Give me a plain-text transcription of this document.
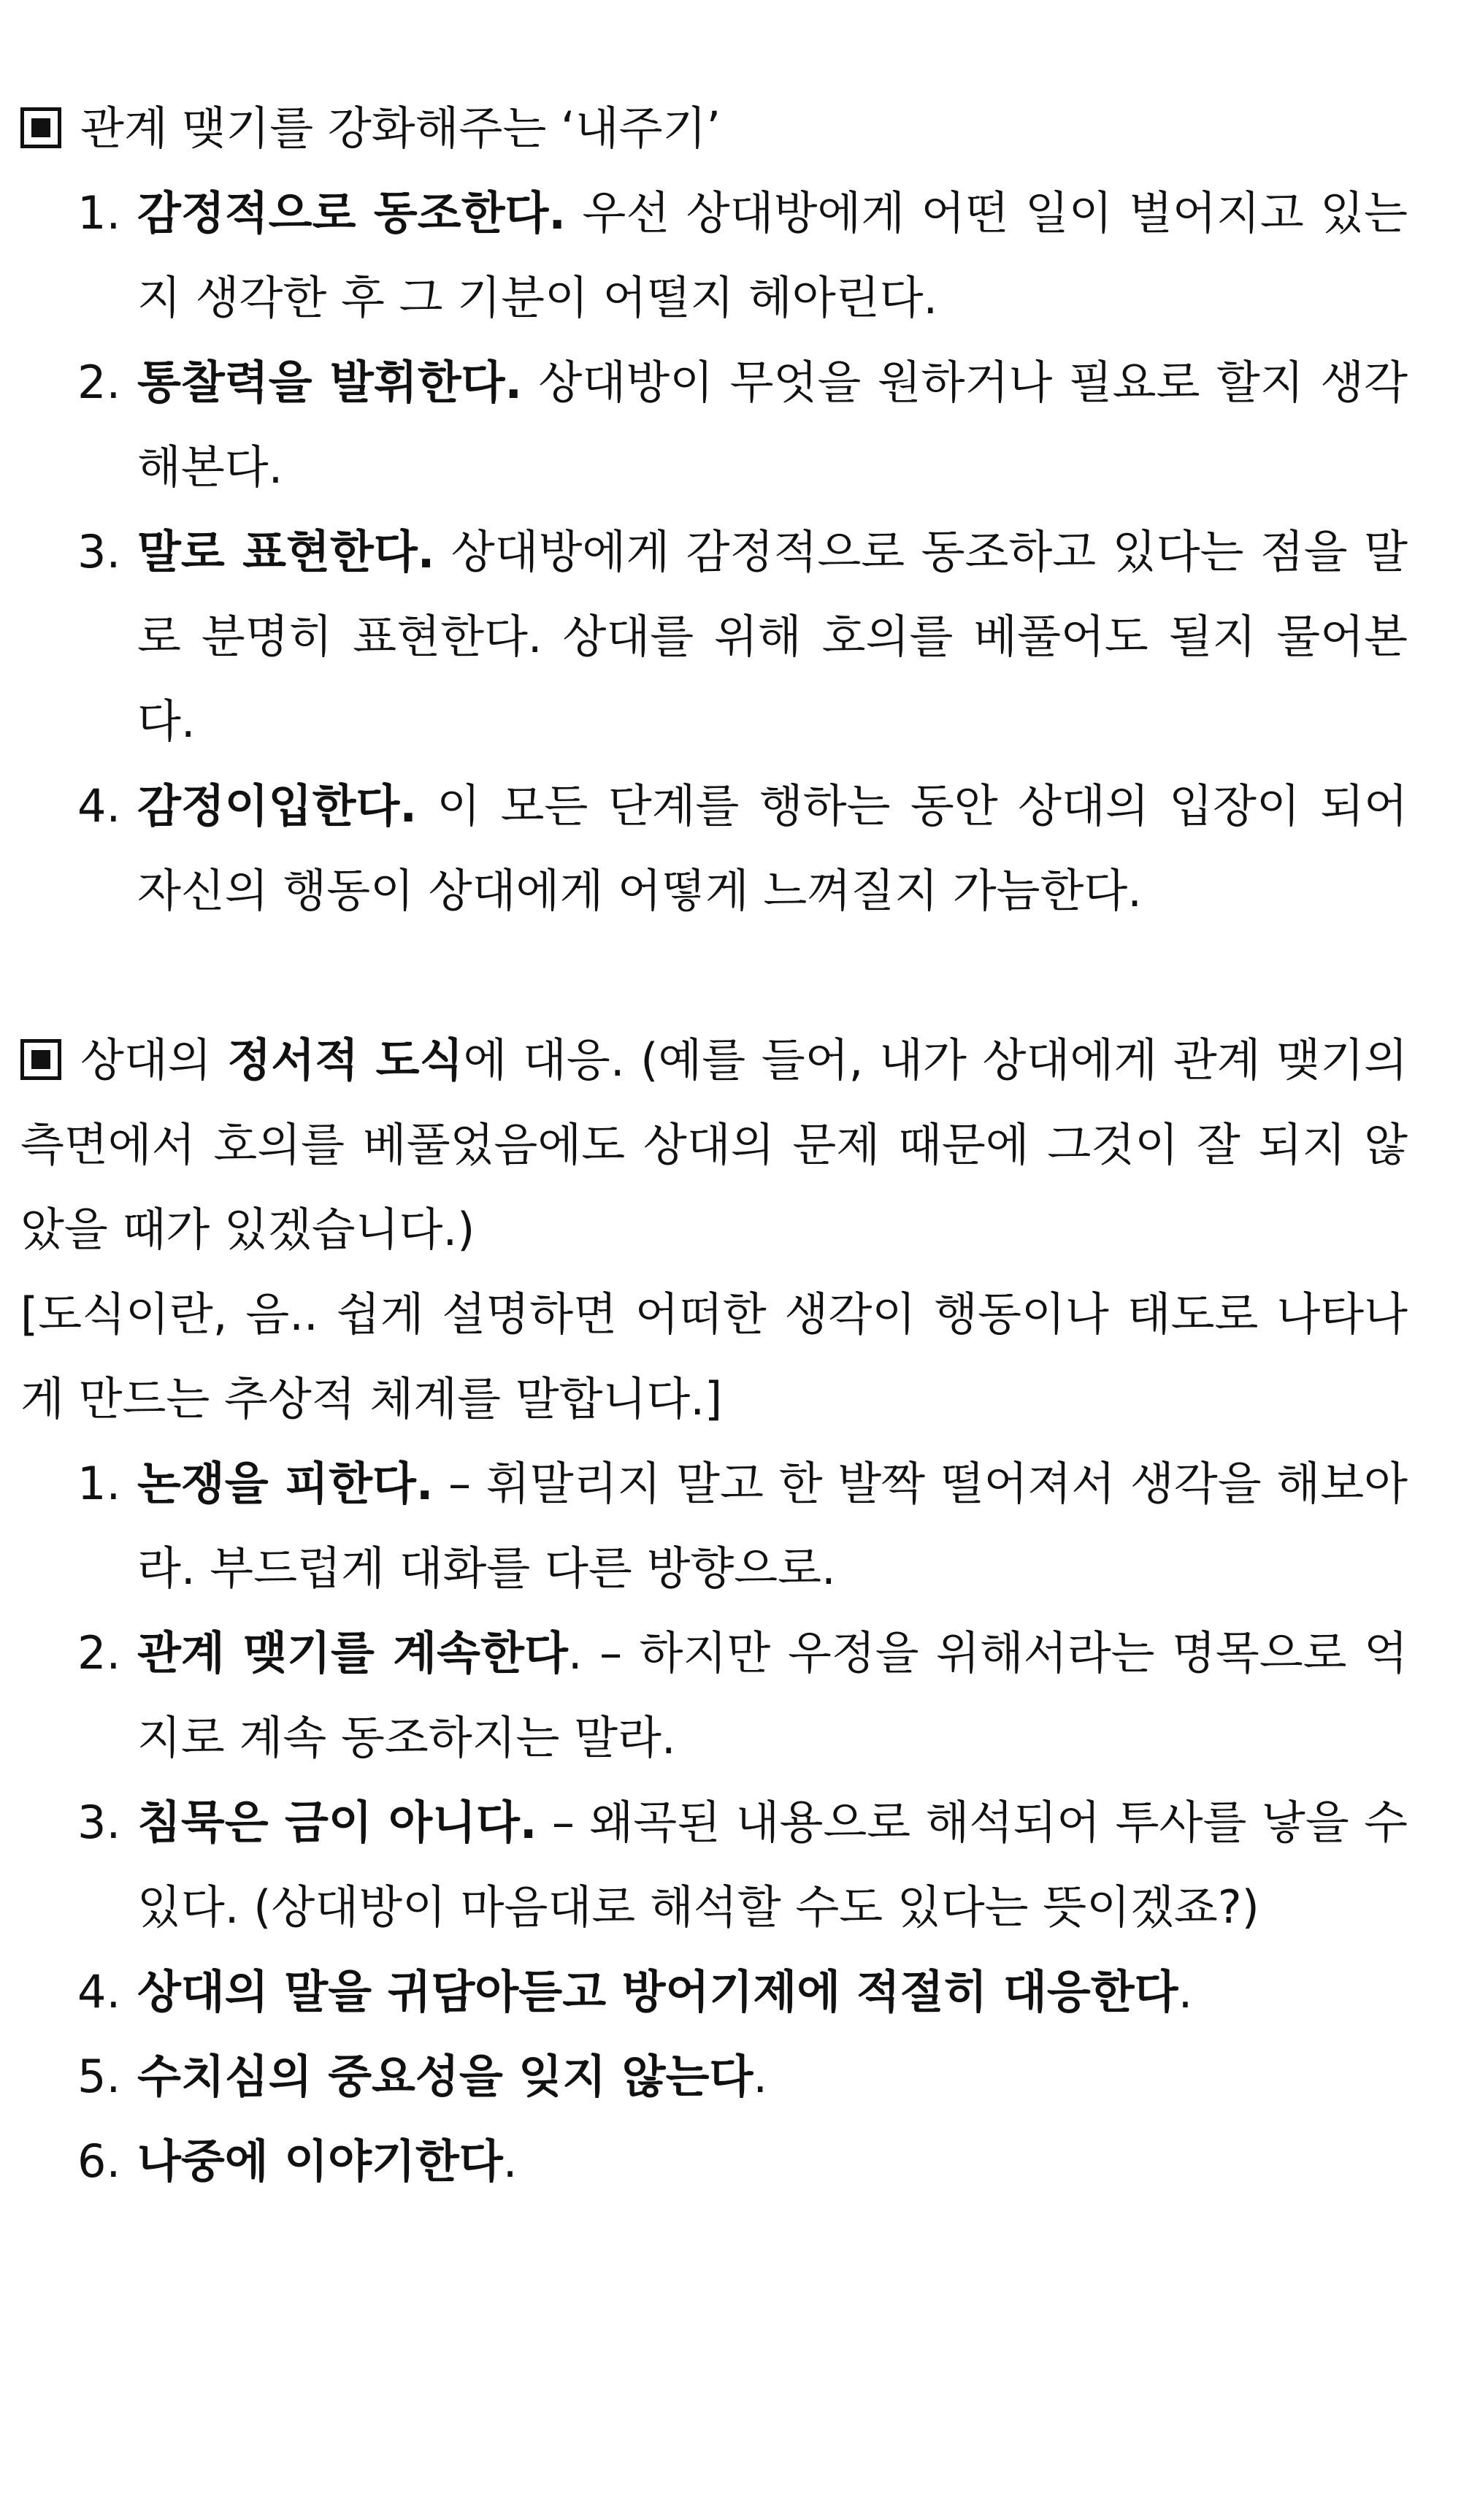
관계 맺기를 강화해주는 ‘내주기’

1. 감정적으로 동조한다. 우선 상대방에게 어떤 일이 벌어지고 있는지 생각한 후 그 기분이 어떨지 헤아린다.
2. 통찰력을 발휘한다. 상대방이 무엇을 원하거나 필요로 할지 생각해본다.
3. 말로 표현한다. 상대방에게 감정적으로 동조하고 있다는 점을 말로 분명히 표현한다. 상대를 위해 호의를 베풀어도 될지 물어본다.
4. 감정이입한다. 이 모든 단계를 행하는 동안 상대의 입장이 되어 자신의 행동이 상대에게 어떻게 느껴질지 가늠한다.

상대의 정서적 도식에 대응. (예를 들어, 내가 상대에게 관계 맺기의 측면에서 호의를 베풀었음에도 상대의 문제 때문에 그것이 잘 되지 않았을 때가 있겠습니다.)

[도식이란, 음.. 쉽게 설명하면 어떠한 생각이 행동이나 태도로 나타나게 만드는 추상적 체계를 말합니다.]

1. 논쟁을 피한다. – 휘말리지 말고 한 발짝 떨어져서 생각을 해보아라. 부드럽게 대화를 다른 방향으로.
2. 관계 맺기를 계속한다. – 하지만 우정을 위해서라는 명목으로 억지로 계속 동조하지는 말라.
3. 침묵은 금이 아니다. – 왜곡된 내용으로 해석되어 투사를 낳을 수 있다. (상대방이 마음대로 해석할 수도 있다는 뜻이겠죠?)
4. 상대의 말을 귀담아듣고 방어기제에 적절히 대응한다.
5. 수치심의 중요성을 잊지 않는다.
6. 나중에 이야기한다.
